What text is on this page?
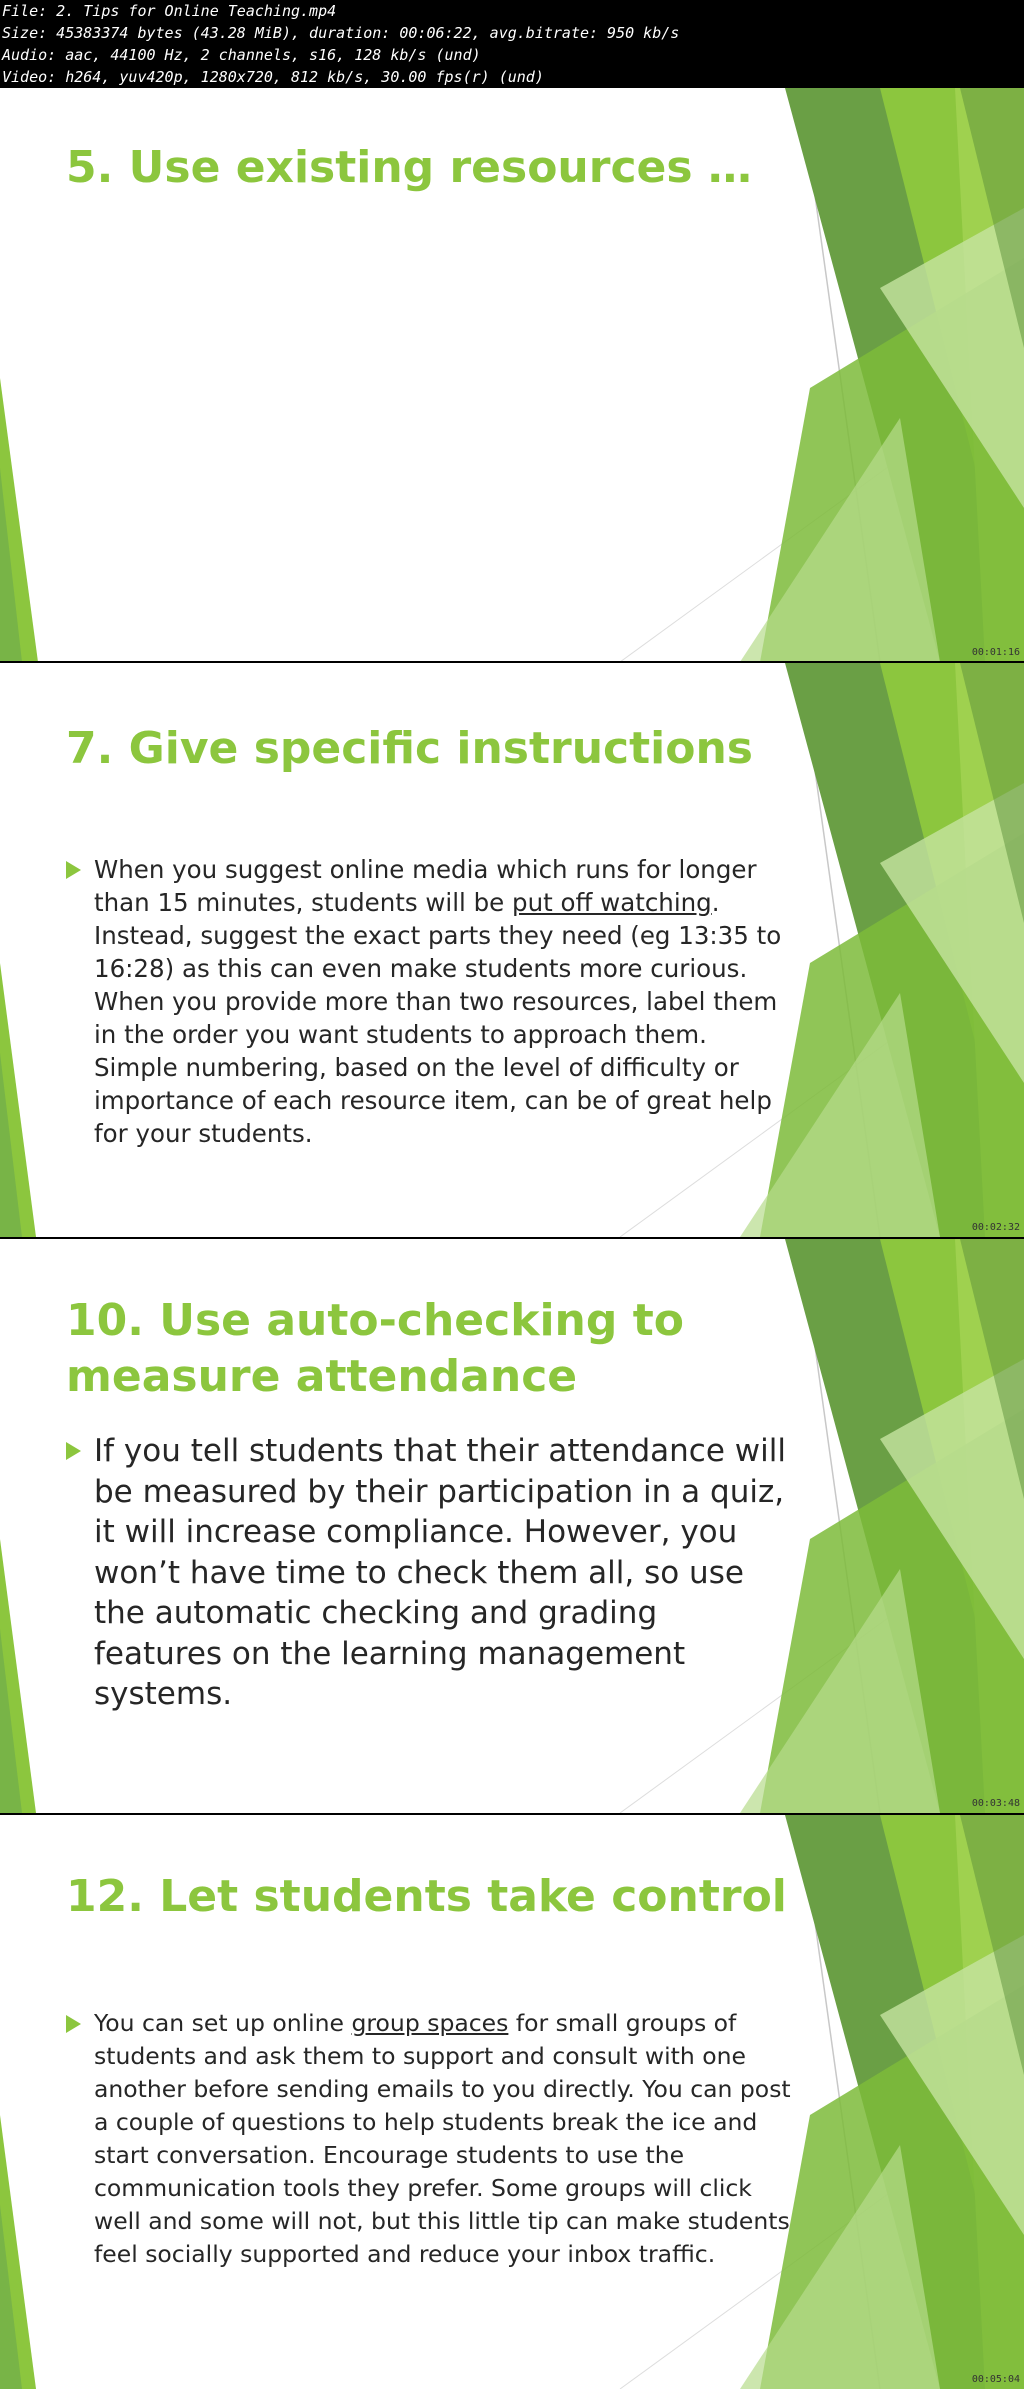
File: 2. Tips for Online Teaching.mp4
Size: 45383374 bytes (43.28 MiB), duration: 00:06:22, avg.bitrate: 950 kb/s
Audio: aac, 44100 Hz, 2 channels, s16, 128 kb/s (und)
Video: h264, yuv420p, 1280x720, 812 kb/s, 30.00 fps(r) (und)
5. Use existing resources …
00:01:16
7. Give specific instructions
When you suggest online media which runs for longer than 15 minutes, students will be put off watching. Instead, suggest the exact parts they need (eg 13:35 to 16:28) as this can even make students more curious. When you provide more than two resources, label them in the order you want students to approach them. Simple numbering, based on the level of difficulty or importance of each resource item, can be of great help for your students.
00:02:32
10. Use auto-checking to
measure attendance
If you tell students that their attendance will be measured by their participation in a quiz, it will increase compliance. However, you won’t have time to check them all, so use the automatic checking and grading features on the learning management systems.
00:03:48
12. Let students take control
You can set up online group spaces for small groups of students and ask them to support and consult with one another before sending emails to you directly. You can post a couple of questions to help students break the ice and start conversation. Encourage students to use the communication tools they prefer. Some groups will click well and some will not, but this little tip can make students feel socially supported and reduce your inbox traffic.
00:05:04
